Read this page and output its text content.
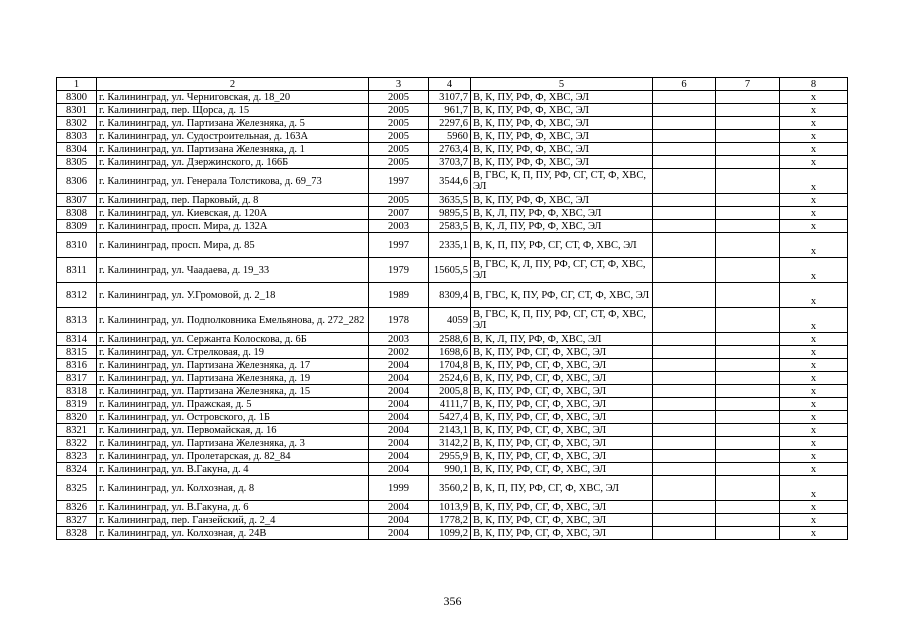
1	2	3	4	5	6	7	8
8300	г. Калининград, ул. Черниговская, д. 18_20	2005	3107,7	В, К, ПУ, РФ, Ф, ХВС, ЭЛ			х
8301	г. Калининград, пер. Щорса, д. 15	2005	961,7	В, К, ПУ, РФ, Ф, ХВС, ЭЛ			х
8302	г. Калининград, ул. Партизана Железняка, д. 5	2005	2297,6	В, К, ПУ, РФ, Ф, ХВС, ЭЛ			х
8303	г. Калининград, ул. Судостроительная, д. 163А	2005	5960	В, К, ПУ, РФ, Ф, ХВС, ЭЛ			х
8304	г. Калининград, ул. Партизана Железняка, д. 1	2005	2763,4	В, К, ПУ, РФ, Ф, ХВС, ЭЛ			х
8305	г. Калининград, ул. Дзержинского, д. 166Б	2005	3703,7	В, К, ПУ, РФ, Ф, ХВС, ЭЛ			х
8306	г. Калининград, ул. Генерала Толстикова, д. 69_73	1997	3544,6	В, ГВС, К, П, ПУ, РФ, СГ, СТ, Ф, ХВС, ЭЛ			х
8307	г. Калининград, пер. Парковый, д. 8	2005	3635,5	В, К, ПУ, РФ, Ф, ХВС, ЭЛ			х
8308	г. Калининград, ул. Киевская, д. 120А	2007	9895,5	В, К, Л, ПУ, РФ, Ф, ХВС, ЭЛ			х
8309	г. Калининград, просп. Мира, д. 132А	2003	2583,5	В, К, Л, ПУ, РФ, Ф, ХВС, ЭЛ			х
8310	г. Калининград, просп. Мира, д. 85	1997	2335,1	В, К, П, ПУ, РФ, СГ, СТ, Ф, ХВС, ЭЛ			х
8311	г. Калининград, ул. Чаадаева, д. 19_33	1979	15605,5	В, ГВС, К, Л, ПУ, РФ, СГ, СТ, Ф, ХВС, ЭЛ			х
8312	г. Калининград, ул. У.Громовой, д. 2_18	1989	8309,4	В, ГВС, К, ПУ, РФ, СГ, СТ, Ф, ХВС, ЭЛ			х
8313	г. Калининград, ул. Подполковника Емельянова, д. 272_282	1978	4059	В, ГВС, К, П, ПУ, РФ, СГ, СТ, Ф, ХВС, ЭЛ			х
8314	г. Калининград, ул. Сержанта Колоскова, д. 6Б	2003	2588,6	В, К, Л, ПУ, РФ, Ф, ХВС, ЭЛ			х
8315	г. Калининград, ул. Стрелковая, д. 19	2002	1698,6	В, К, ПУ, РФ, СГ, Ф, ХВС, ЭЛ			х
8316	г. Калининград, ул. Партизана Железняка, д. 17	2004	1704,8	В, К, ПУ, РФ, СГ, Ф, ХВС, ЭЛ			х
8317	г. Калининград, ул. Партизана Железняка, д. 19	2004	2524,6	В, К, ПУ, РФ, СГ, Ф, ХВС, ЭЛ			х
8318	г. Калининград, ул. Партизана Железняка, д. 15	2004	2005,8	В, К, ПУ, РФ, СГ, Ф, ХВС, ЭЛ			х
8319	г. Калининград, ул. Пражская, д. 5	2004	4111,7	В, К, ПУ, РФ, СГ, Ф, ХВС, ЭЛ			х
8320	г. Калининград, ул. Островского, д. 1Б	2004	5427,4	В, К, ПУ, РФ, СГ, Ф, ХВС, ЭЛ			х
8321	г. Калининград, ул. Первомайская, д. 16	2004	2143,1	В, К, ПУ, РФ, СГ, Ф, ХВС, ЭЛ			х
8322	г. Калининград, ул. Партизана Железняка, д. 3	2004	3142,2	В, К, ПУ, РФ, СГ, Ф, ХВС, ЭЛ			х
8323	г. Калининград, ул. Пролетарская, д. 82_84	2004	2955,9	В, К, ПУ, РФ, СГ, Ф, ХВС, ЭЛ			х
8324	г. Калининград, ул. В.Гакуна, д. 4	2004	990,1	В, К, ПУ, РФ, СГ, Ф, ХВС, ЭЛ			х
8325	г. Калининград, ул. Колхозная, д. 8	1999	3560,2	В, К, П, ПУ, РФ, СГ, Ф, ХВС, ЭЛ			х
8326	г. Калининград, ул. В.Гакуна, д. 6	2004	1013,9	В, К, ПУ, РФ, СГ, Ф, ХВС, ЭЛ			х
8327	г. Калининград, пер. Ганзейский, д. 2_4	2004	1778,2	В, К, ПУ, РФ, СГ, Ф, ХВС, ЭЛ			х
8328	г. Калининград, ул. Колхозная, д. 24В	2004	1099,2	В, К, ПУ, РФ, СГ, Ф, ХВС, ЭЛ			х
356
